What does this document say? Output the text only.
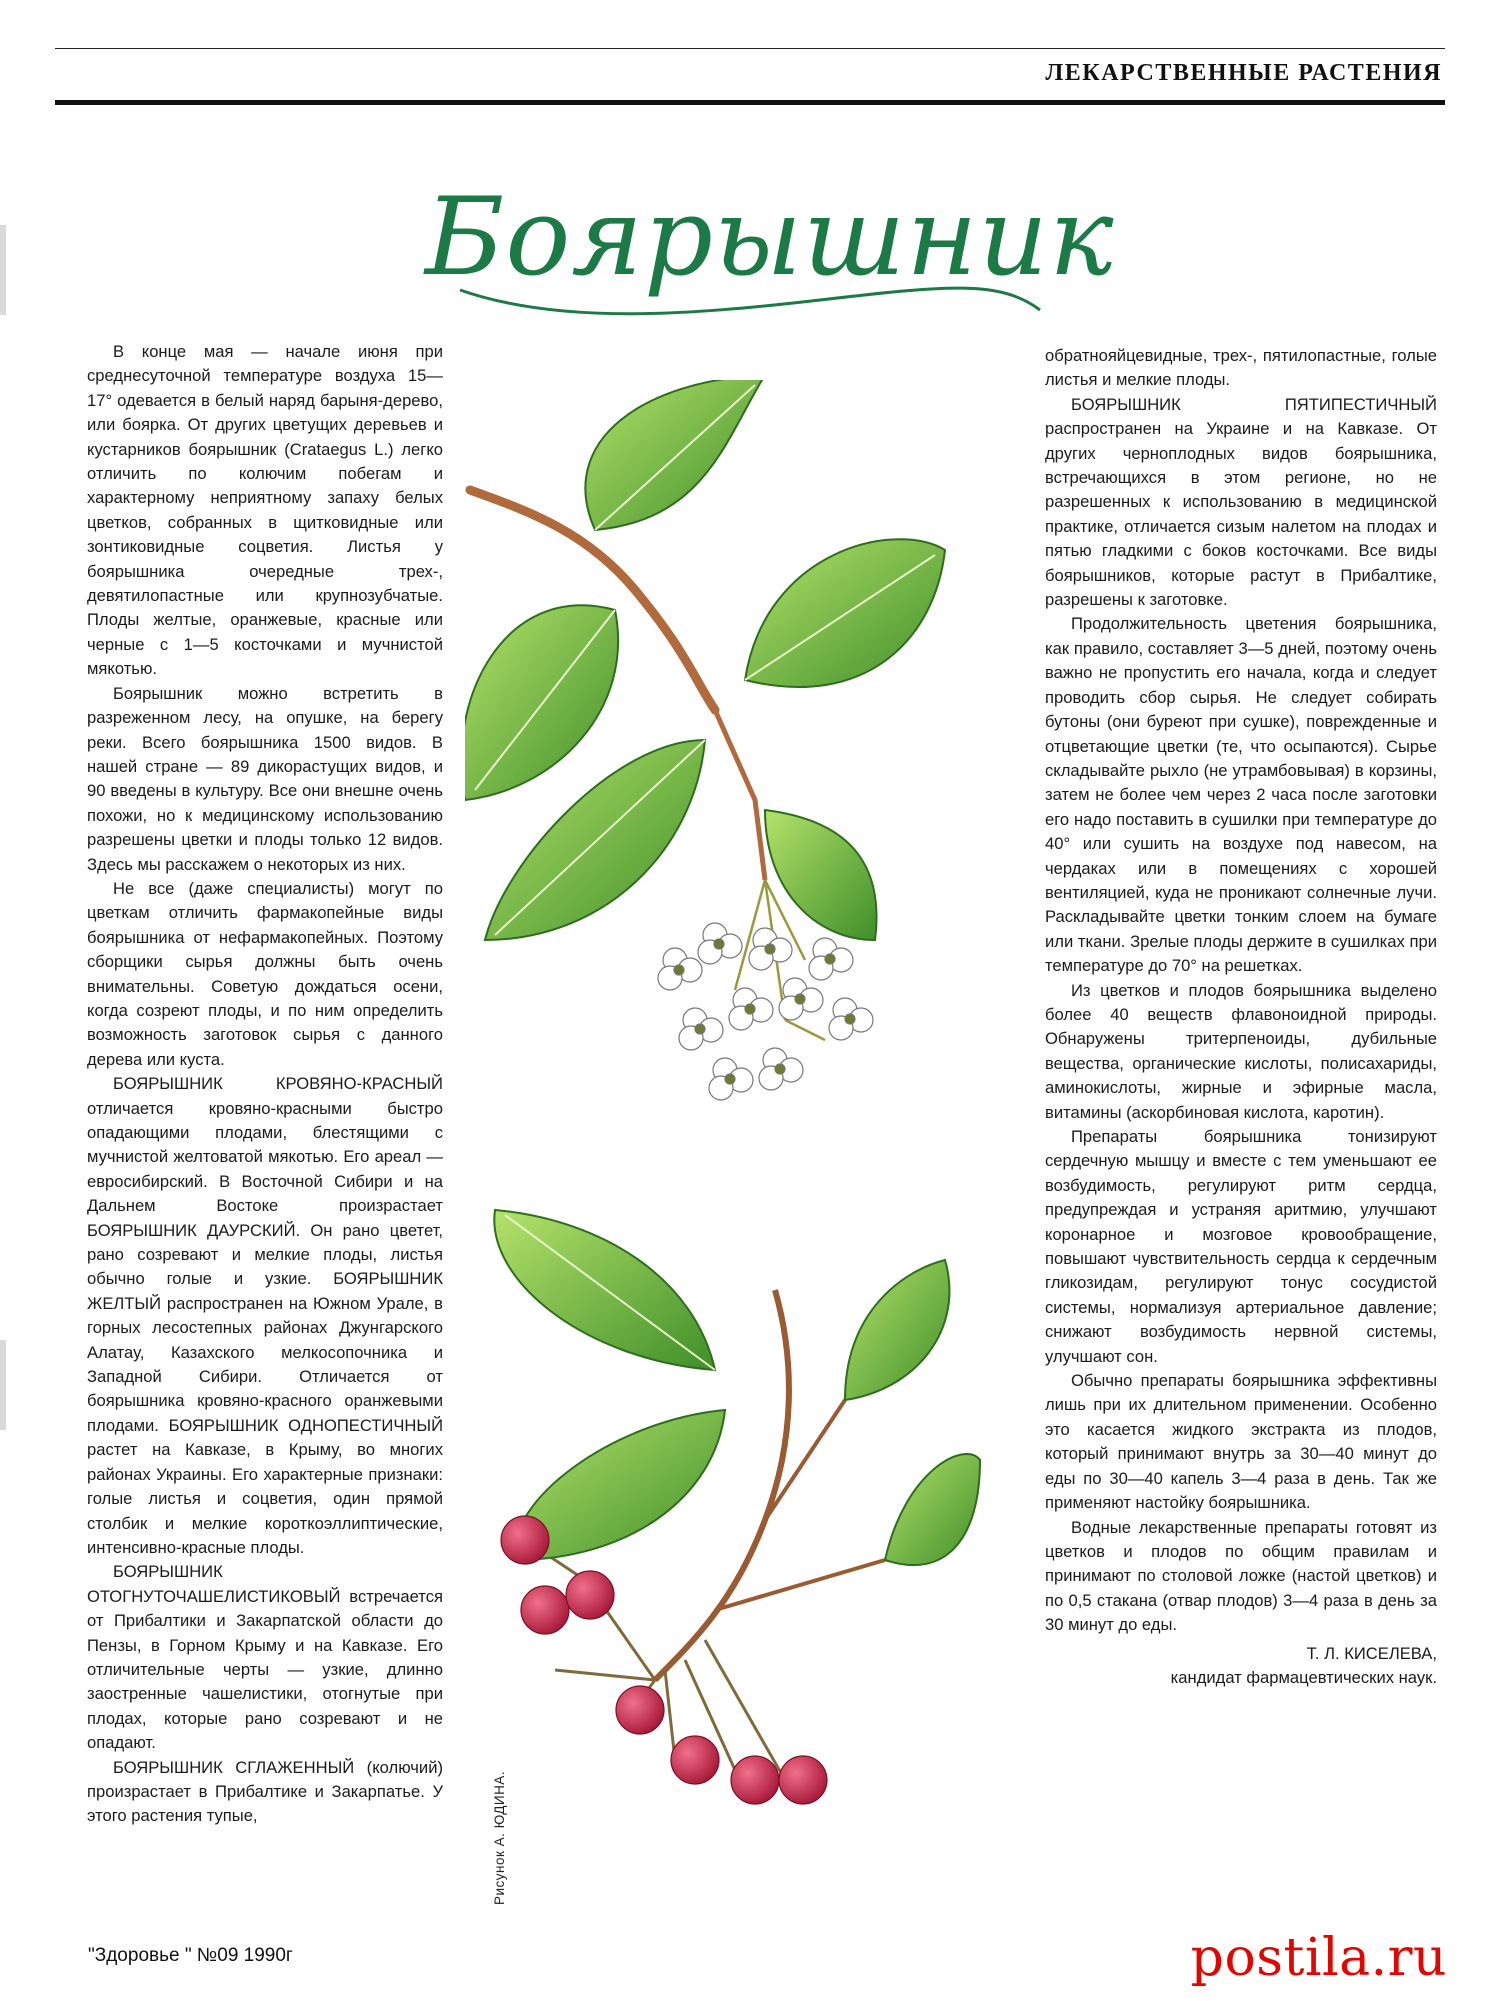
ЛЕКАРСТВЕННЫЕ РАСТЕНИЯ
Боярышник

В конце мая — начале июня при среднесуточной температуре воздуха 15—17° одевается в белый наряд барыня-дерево, или боярка. От других цветущих деревьев и кустарников боярышник (Crataegus L.) легко отличить по колючим побегам и характерному неприятному запаху белых цветков, собранных в щитковидные или зонтиковидные соцветия. Листья у боярышника очередные трех-, девятилопастные или крупнозубчатые. Плоды желтые, оранжевые, красные или черные с 1—5 косточками и мучнистой мякотью.

Боярышник можно встретить в разреженном лесу, на опушке, на берегу реки. Всего боярышника 1500 видов. В нашей стране — 89 дикорастущих видов, и 90 введены в культуру. Все они внешне очень похожи, но к медицинскому использованию разрешены цветки и плоды только 12 видов. Здесь мы расскажем о некоторых из них.

Не все (даже специалисты) могут по цветкам отличить фармакопейные виды боярышника от нефармакопейных. Поэтому сборщики сырья должны быть очень внимательны. Советую дождаться осени, когда созреют плоды, и по ним определить возможность заготовок сырья с данного дерева или куста.

БОЯРЫШНИК КРОВЯНО-КРАСНЫЙ отличается кровяно-красными быстро опадающими плодами, блестящими с мучнистой желтоватой мякотью. Его ареал — евросибирский. В Восточной Сибири и на Дальнем Востоке произрастает БОЯРЫШНИК ДАУРСКИЙ. Он рано цветет, рано созревают и мелкие плоды, листья обычно голые и узкие. БОЯРЫШНИК ЖЕЛТЫЙ распространен на Южном Урале, в горных лесостепных районах Джунгарского Алатау, Казахского мелкосопочника и Западной Сибири. Отличается от боярышника кровяно-красного оранжевыми плодами. БОЯРЫШНИК ОДНОПЕСТИЧНЫЙ растет на Кавказе, в Крыму, во многих районах Украины. Его характерные признаки: голые листья и соцветия, один прямой столбик и мелкие короткоэллиптические, интенсивно-красные плоды.

БОЯРЫШНИК ОТОГНУТОЧАШЕЛИСТИКОВЫЙ встречается от Прибалтики и Закарпатской области до Пензы, в Горном Крыму и на Кавказе. Его отличительные черты — узкие, длинно заостренные чашелистики, отогнутые при плодах, которые рано созревают и не опадают.

БОЯРЫШНИК СГЛАЖЕННЫЙ (колючий) произрастает в Прибалтике и Закарпатье. У этого растения тупые,	Рисунок А. ЮДИНА.

обратнояйцевидные, трех-, пятилопастные, голые листья и мелкие плоды.

БОЯРЫШНИК ПЯТИПЕСТИЧНЫЙ распространен на Украине и на Кавказе. От других черноплодных видов боярышника, встречающихся в этом регионе, но не разрешенных к использованию в медицинской практике, отличается сизым налетом на плодах и пятью гладкими с боков косточками. Все виды боярышников, которые растут в Прибалтике, разрешены к заготовке.

Продолжительность цветения боярышника, как правило, составляет 3—5 дней, поэтому очень важно не пропустить его начала, когда и следует проводить сбор сырья. Не следует собирать бутоны (они буреют при сушке), поврежденные и отцветающие цветки (те, что осыпаются). Сырье складывайте рыхло (не утрамбовывая) в корзины, затем не более чем через 2 часа после заготовки его надо поставить в сушилки при температуре до 40° или сушить на воздухе под навесом, на чердаках или в помещениях с хорошей вентиляцией, куда не проникают солнечные лучи. Раскладывайте цветки тонким слоем на бумаге или ткани. Зрелые плоды держите в сушилках при температуре до 70° на решетках.

Из цветков и плодов боярышника выделено более 40 веществ флавоноидной природы. Обнаружены тритерпеноиды, дубильные вещества, органические кислоты, полисахариды, аминокислоты, жирные и эфирные масла, витамины (аскорбиновая кислота, каротин).

Препараты боярышника тонизируют сердечную мышцу и вместе с тем уменьшают ее возбудимость, регулируют ритм сердца, предупреждая и устраняя аритмию, улучшают коронарное и мозговое кровообращение, повышают чувствительность сердца к сердечным гликозидам, регулируют тонус сосудистой системы, нормализуя артериальное давление; снижают возбудимость нервной системы, улучшают сон.

Обычно препараты боярышника эффективны лишь при их длительном применении. Особенно это касается жидкого экстракта из плодов, который принимают внутрь за 30—40 минут до еды по 30—40 капель 3—4 раза в день. Так же применяют настойку боярышника.

Водные лекарственные препараты готовят из цветков и плодов по общим правилам и принимают по столовой ложке (настой цветков) и по 0,5 стакана (отвар плодов) 3—4 раза в день за 30 минут до еды.

Т. Л. КИСЕЛЕВА,
кандидат фармацевтических наук.
"Здоровье " №09 1990г	postila.ru
